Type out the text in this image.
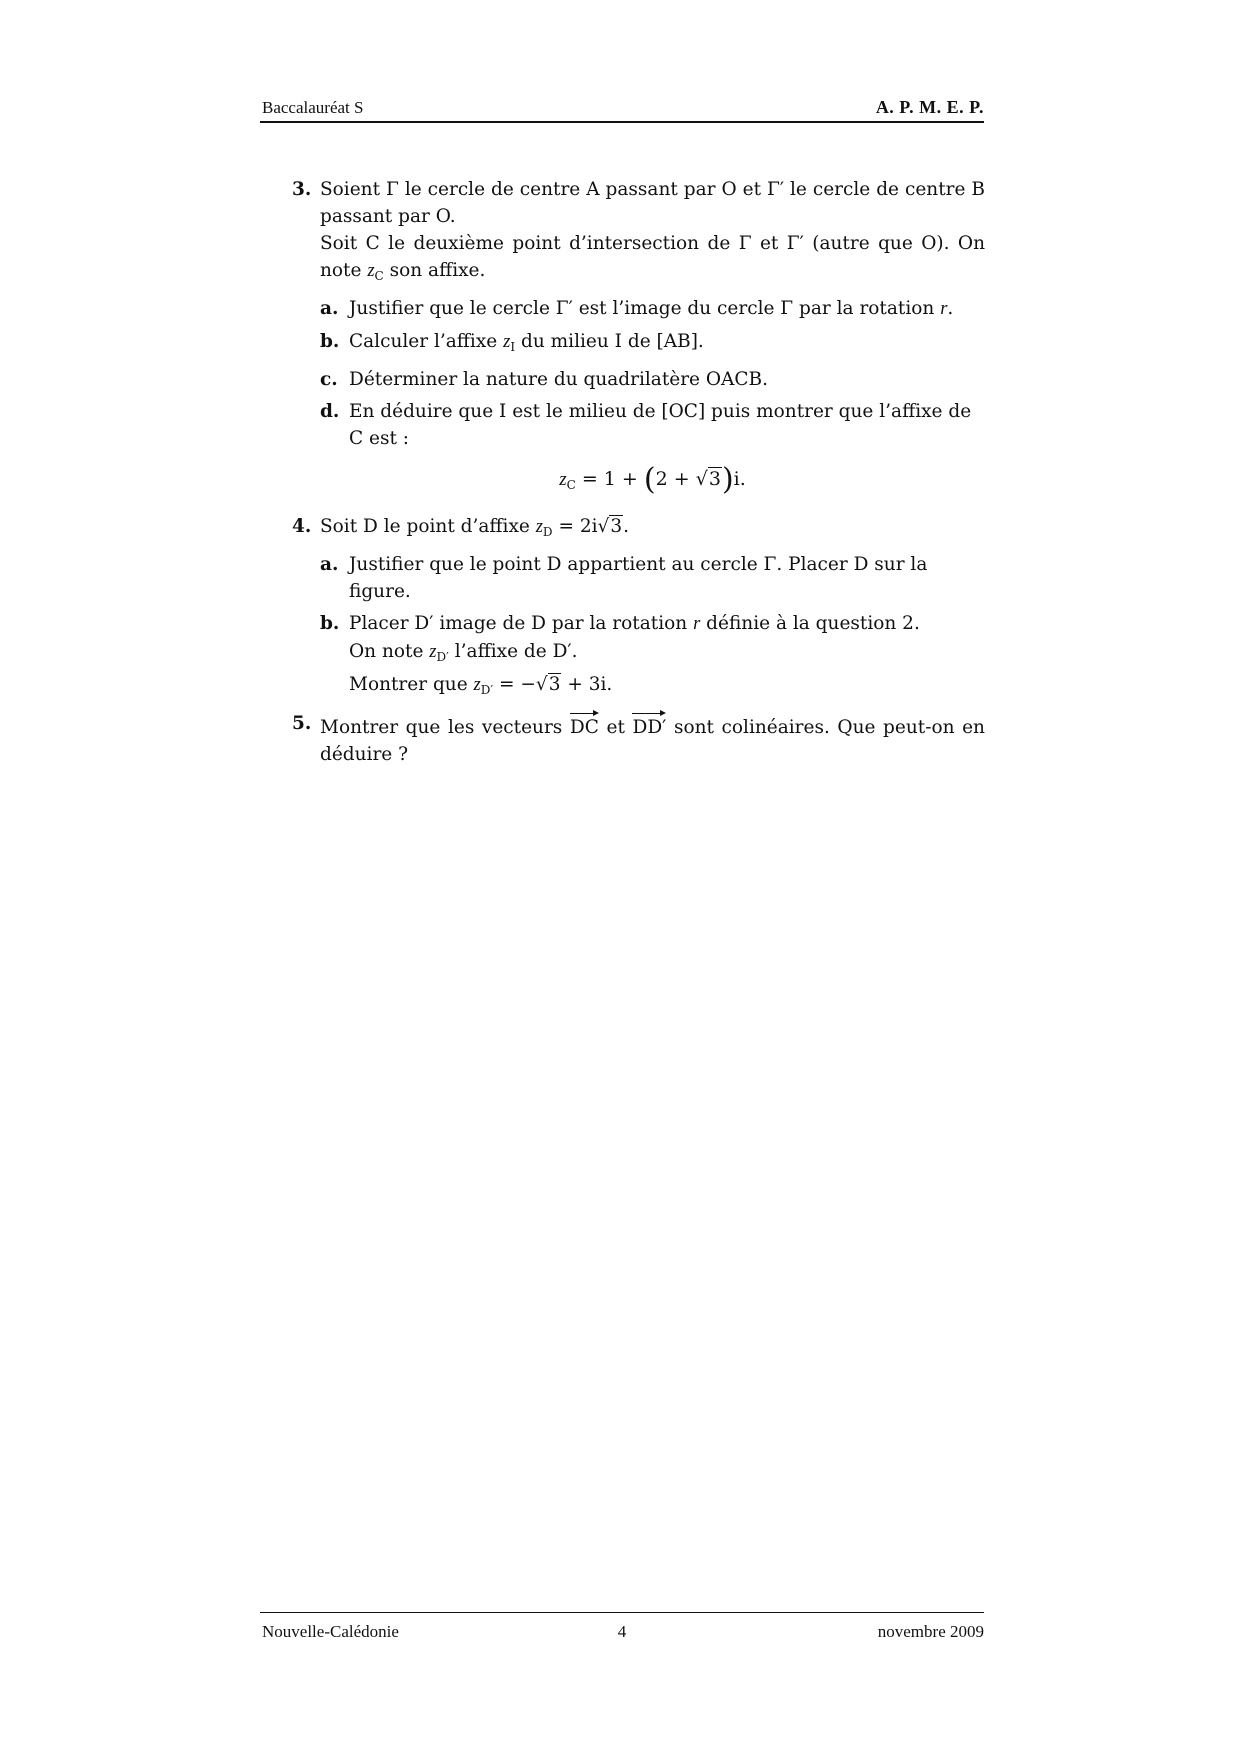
Baccalauréat S	A. P. M. E. P.
3. Soient Γ le cercle de centre A passant par O et Γ′ le cercle de centre B passant par O.
Soit C le deuxième point d’intersection de Γ et Γ′ (autre que O). On note $z_C$ son affixe.
a. Justifier que le cercle Γ′ est l’image du cercle Γ par la rotation r.
b. Calculer l’affixe $z_I$ du milieu I de [AB].
c. Déterminer la nature du quadrilatère OACB.
d. En déduire que I est le milieu de [OC] puis montrer que l’affixe de C est :
$z_C = 1 + (2 + √3)i$.
4. Soit D le point d’affixe $z_D = 2i√3$.
a. Justifier que le point D appartient au cercle Γ. Placer D sur la figure.
b. Placer D′ image de D par la rotation r définie à la question 2.
On note $z_{D'}$ l’affixe de D′.
Montrer que $z_{D'} = -√3 + 3i$.
5. Montrer que les vecteurs DC et DD′ sont colinéaires. Que peut-on en déduire ?
Nouvelle-Calédonie	4	novembre 2009
